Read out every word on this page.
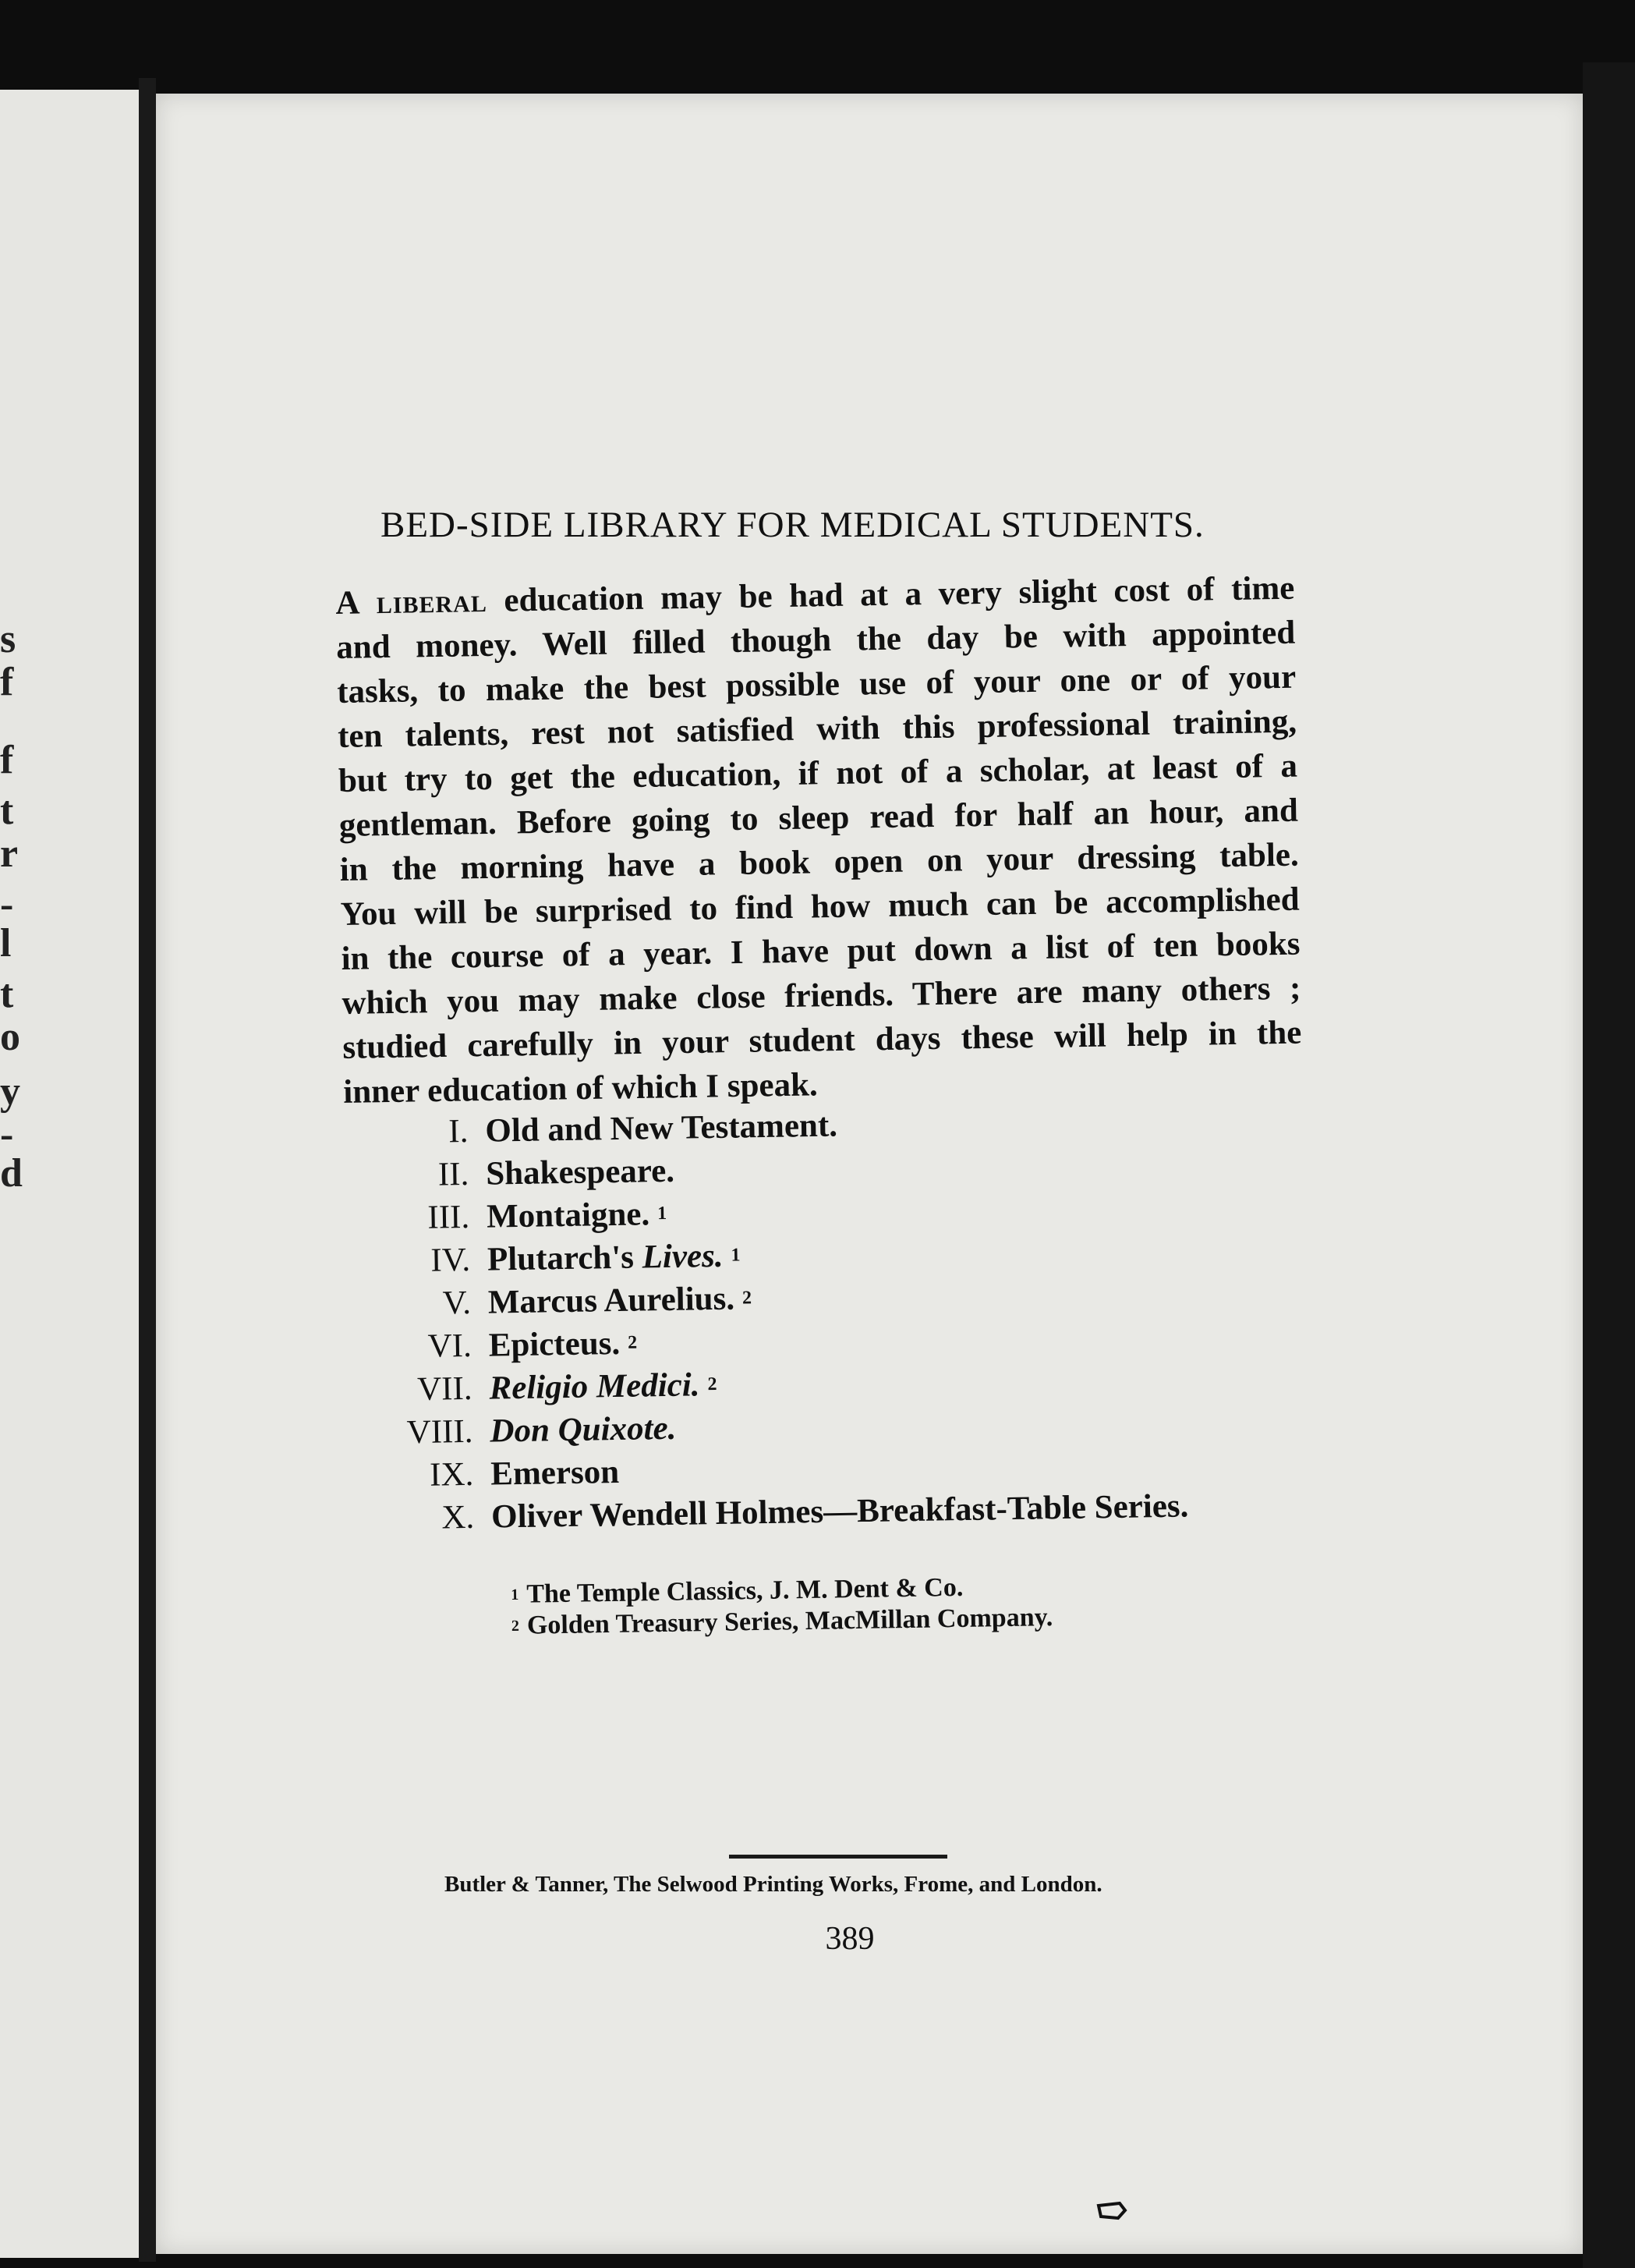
s
f
f
t
r
-
l
t
o
y
-
d
BED-SIDE LIBRARY FOR MEDICAL STUDENTS.
A liberal education may be had at a very slight cost of time
and money. Well filled though the day be with appointed
tasks, to make the best possible use of your one or of your
ten talents, rest not satisfied with this professional training,
but try to get the education, if not of a scholar, at least of a
gentleman. Before going to sleep read for half an hour, and
in the morning have a book open on your dressing table.
You will be surprised to find how much can be accomplished
in the course of a year. I have put down a list of ten books
which you may make close friends. There are many others ;
studied carefully in your student days these will help in the
inner education of which I speak.
I. Old and New Testament.
II. Shakespeare.
III. Montaigne. $^1$
IV. Plutarch's Lives. $^1$
V. Marcus Aurelius. $^2$
VI. Epicteus. $^2$
VII. Religio Medici. $^2$
VIII. Don Quixote.
IX. Emerson
X. Oliver Wendell Holmes—Breakfast-Table Series.
$^1$ The Temple Classics, J. M. Dent & Co.
$^2$ Golden Treasury Series, MacMillan Company.
Butler & Tanner, The Selwood Printing Works, Frome, and London.
389
